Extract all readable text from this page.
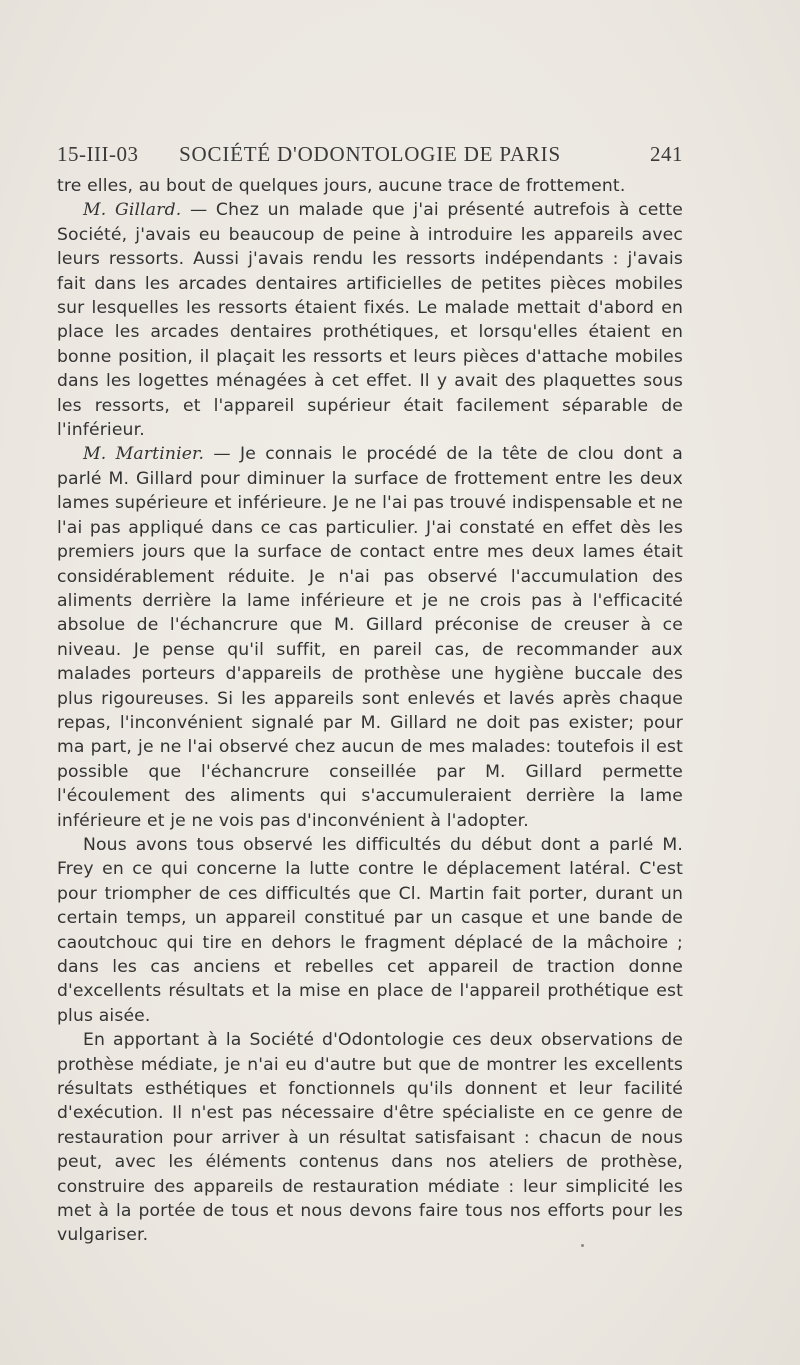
15-III-03	SOCIÉTÉ D'ODONTOLOGIE DE PARIS	241

tre elles, au bout de quelques jours, aucune trace de frottement.

M. Gillard. — Chez un malade que j'ai présenté autrefois à cette Société, j'avais eu beaucoup de peine à introduire les appareils avec leurs ressorts. Aussi j'avais rendu les ressorts indépendants : j'avais fait dans les arcades dentaires artificielles de petites pièces mobiles sur lesquelles les ressorts étaient fixés. Le malade mettait d'abord en place les arcades dentaires prothétiques, et lorsqu'elles étaient en bonne position, il plaçait les ressorts et leurs pièces d'attache mobiles dans les logettes ménagées à cet effet. Il y avait des plaquettes sous les ressorts, et l'appareil supérieur était facilement séparable de l'inférieur.

M. Martinier. — Je connais le procédé de la tête de clou dont a parlé M. Gillard pour diminuer la surface de frottement entre les deux lames supérieure et inférieure. Je ne l'ai pas trouvé indispensable et ne l'ai pas appliqué dans ce cas particulier. J'ai constaté en effet dès les premiers jours que la surface de contact entre mes deux lames était considérablement réduite. Je n'ai pas observé l'accumulation des aliments derrière la lame inférieure et je ne crois pas à l'efficacité absolue de l'échancrure que M. Gillard préconise de creuser à ce niveau. Je pense qu'il suffit, en pareil cas, de recommander aux malades porteurs d'appareils de prothèse une hygiène buccale des plus rigoureuses. Si les appareils sont enlevés et lavés après chaque repas, l'inconvénient signalé par M. Gillard ne doit pas exister; pour ma part, je ne l'ai observé chez aucun de mes malades: toutefois il est possible que l'échancrure conseillée par M. Gillard permette l'écoulement des aliments qui s'accumuleraient derrière la lame inférieure et je ne vois pas d'inconvénient à l'adopter.

Nous avons tous observé les difficultés du début dont a parlé M. Frey en ce qui concerne la lutte contre le déplacement latéral. C'est pour triompher de ces difficultés que Cl. Martin fait porter, durant un certain temps, un appareil constitué par un casque et une bande de caoutchouc qui tire en dehors le fragment déplacé de la mâchoire ; dans les cas anciens et rebelles cet appareil de traction donne d'excellents résultats et la mise en place de l'appareil prothétique est plus aisée.

En apportant à la Société d'Odontologie ces deux observations de prothèse médiate, je n'ai eu d'autre but que de montrer les excellents résultats esthétiques et fonctionnels qu'ils donnent et leur facilité d'exécution. Il n'est pas nécessaire d'être spécialiste en ce genre de restauration pour arriver à un résultat satisfaisant : chacun de nous peut, avec les éléments contenus dans nos ateliers de prothèse, construire des appareils de restauration médiate : leur simplicité les met à la portée de tous et nous devons faire tous nos efforts pour les vulgariser.
